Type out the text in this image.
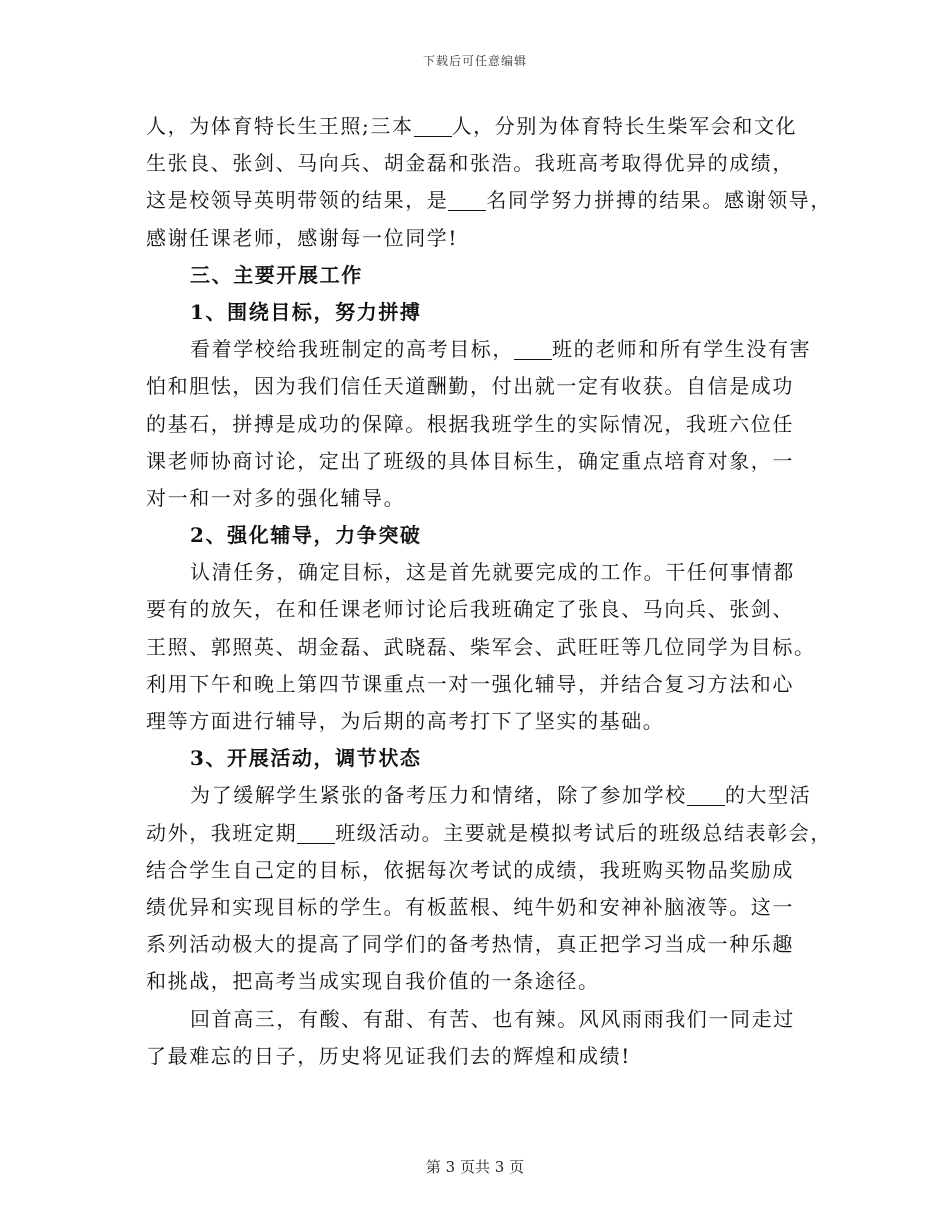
下载后可任意编辑
人，为体育特长生王照;三本 人，分别为体育特长生柴军会和文化
生张良、张剑、马向兵、胡金磊和张浩。我班高考取得优异的成绩，
这是校领导英明带领的结果，是 名同学努力拼搏的结果。感谢领导，
感谢任课老师，感谢每一位同学!
三、主要开展工作
1、围绕目标，努力拼搏
看着学校给我班制定的高考目标， 班的老师和所有学生没有害
怕和胆怯，因为我们信任天道酬勤，付出就一定有收获。自信是成功
的基石，拼搏是成功的保障。根据我班学生的实际情况，我班六位任
课老师协商讨论，定出了班级的具体目标生，确定重点培育对象，一
对一和一对多的强化辅导。
2、强化辅导，力争突破
认清任务，确定目标，这是首先就要完成的工作。干任何事情都
要有的放矢，在和任课老师讨论后我班确定了张良、马向兵、张剑、
王照、郭照英、胡金磊、武晓磊、柴军会、武旺旺等几位同学为目标。
利用下午和晚上第四节课重点一对一强化辅导，并结合复习方法和心
理等方面进行辅导，为后期的高考打下了坚实的基础。
3、开展活动，调节状态
为了缓解学生紧张的备考压力和情绪，除了参加学校 的大型活
动外，我班定期 班级活动。主要就是模拟考试后的班级总结表彰会，
结合学生自己定的目标，依据每次考试的成绩，我班购买物品奖励成
绩优异和实现目标的学生。有板蓝根、纯牛奶和安神补脑液等。这一
系列活动极大的提高了同学们的备考热情，真正把学习当成一种乐趣
和挑战，把高考当成实现自我价值的一条途径。
回首高三，有酸、有甜、有苦、也有辣。风风雨雨我们一同走过
了最难忘的日子，历史将见证我们去的辉煌和成绩!
第 3 页共 3 页
